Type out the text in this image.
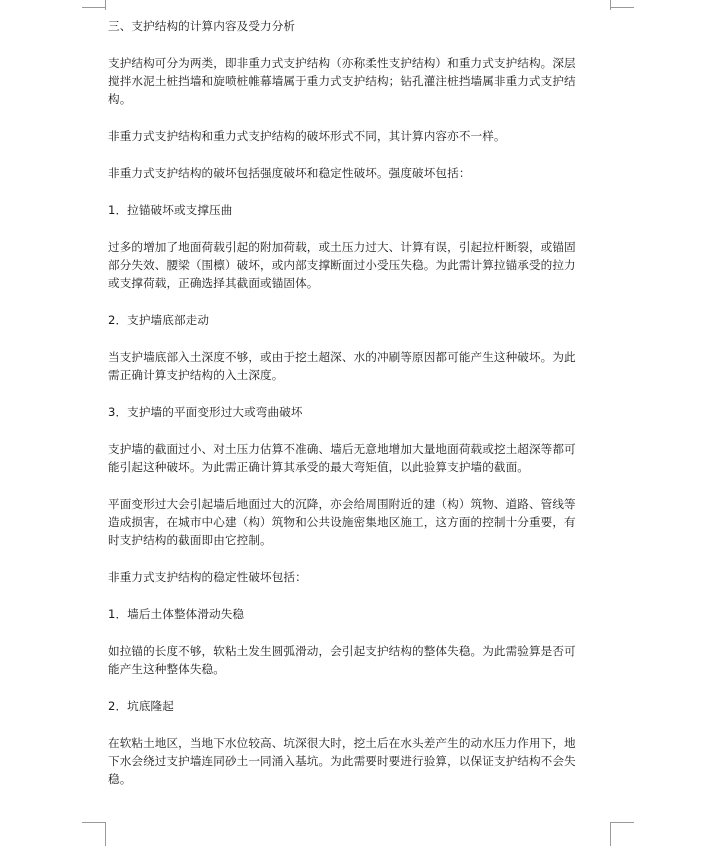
三、支护结构的计算内容及受力分析
支护结构可分为两类，即非重力式支护结构（亦称柔性支护结构）和重力式支护结构。深层
搅拌水泥土桩挡墙和旋喷桩帷幕墙属于重力式支护结构；钻孔灌注桩挡墙属非重力式支护结
构。
非重力式支护结构和重力式支护结构的破坏形式不同，其计算内容亦不一样。
非重力式支护结构的破坏包括强度破坏和稳定性破坏。强度破坏包括：
1．拉锚破坏或支撑压曲
过多的增加了地面荷载引起的附加荷载，或土压力过大、计算有误，引起拉杆断裂，或锚固
部分失效、腰梁（围檩）破坏，或内部支撑断面过小受压失稳。为此需计算拉锚承受的拉力
或支撑荷载，正确选择其截面或锚固体。
2．支护墙底部走动
当支护墙底部入土深度不够，或由于挖土超深、水的冲刷等原因都可能产生这种破坏。为此
需正确计算支护结构的入土深度。
3．支护墙的平面变形过大或弯曲破坏
支护墙的截面过小、对土压力估算不准确、墙后无意地增加大量地面荷载或挖土超深等都可
能引起这种破坏。为此需正确计算其承受的最大弯矩值，以此验算支护墙的截面。
平面变形过大会引起墙后地面过大的沉降，亦会给周围附近的建（构）筑物、道路、管线等
造成损害，在城市中心建（构）筑物和公共设施密集地区施工，这方面的控制十分重要，有
时支护结构的截面即由它控制。
非重力式支护结构的稳定性破坏包括：
1．墙后土体整体滑动失稳
如拉锚的长度不够，软粘土发生圆弧滑动，会引起支护结构的整体失稳。为此需验算是否可
能产生这种整体失稳。
2．坑底隆起
在软粘土地区，当地下水位较高、坑深很大时，挖土后在水头差产生的动水压力作用下，地
下水会绕过支护墙连同砂土一同涌入基坑。为此需要时要进行验算，以保证支护结构不会失
稳。
